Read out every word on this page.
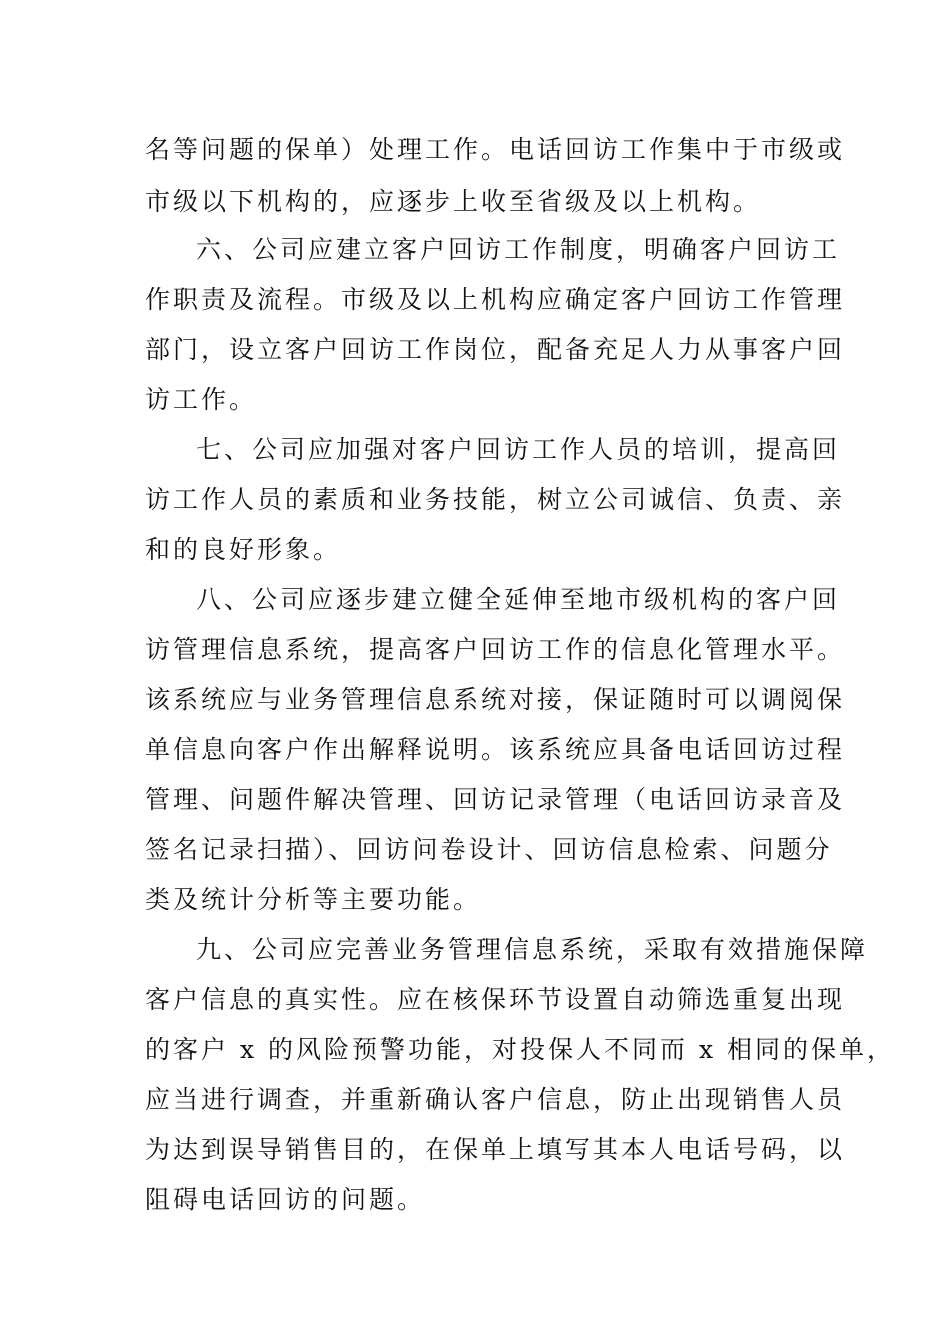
名等问题的保单）处理工作。电话回访工作集中于市级或
市级以下机构的，应逐步上收至省级及以上机构。
六、公司应建立客户回访工作制度，明确客户回访工
作职责及流程。市级及以上机构应确定客户回访工作管理
部门，设立客户回访工作岗位，配备充足人力从事客户回
访工作。
七、公司应加强对客户回访工作人员的培训，提高回
访工作人员的素质和业务技能，树立公司诚信、负责、亲
和的良好形象。
八、公司应逐步建立健全延伸至地市级机构的客户回
访管理信息系统，提高客户回访工作的信息化管理水平。
该系统应与业务管理信息系统对接，保证随时可以调阅保
单信息向客户作出解释说明。该系统应具备电话回访过程
管理、问题件解决管理、回访记录管理（电话回访录音及
签名记录扫描）、回访问卷设计、回访信息检索、问题分
类及统计分析等主要功能。
九、公司应完善业务管理信息系统，采取有效措施保障
客户信息的真实性。应在核保环节设置自动筛选重复出现
的客户 x 的风险预警功能，对投保人不同而 x 相同的保单，
应当进行调查，并重新确认客户信息，防止出现销售人员
为达到误导销售目的，在保单上填写其本人电话号码，以
阻碍电话回访的问题。
